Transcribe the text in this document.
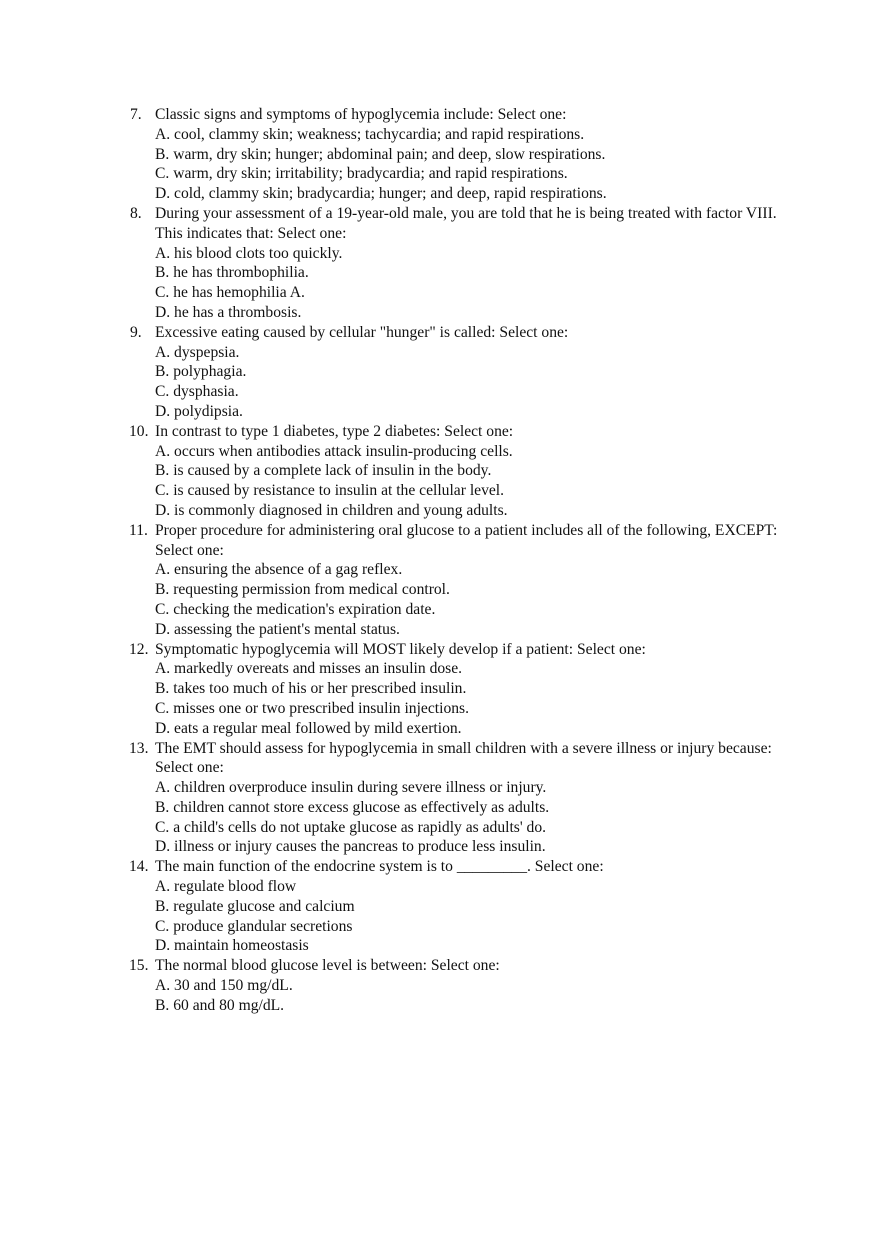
7. Classic signs and symptoms of hypoglycemia include: Select one:
A. cool, clammy skin; weakness; tachycardia; and rapid respirations.
B. warm, dry skin; hunger; abdominal pain; and deep, slow respirations.
C. warm, dry skin; irritability; bradycardia; and rapid respirations.
D. cold, clammy skin; bradycardia; hunger; and deep, rapid respirations.
8. During your assessment of a 19-year-old male, you are told that he is being treated with factor VIII. This indicates that: Select one:
A. his blood clots too quickly.
B. he has thrombophilia.
C. he has hemophilia A.
D. he has a thrombosis.
9. Excessive eating caused by cellular "hunger" is called: Select one:
A. dyspepsia.
B. polyphagia.
C. dysphasia.
D. polydipsia.
10. In contrast to type 1 diabetes, type 2 diabetes: Select one:
A. occurs when antibodies attack insulin-producing cells.
B. is caused by a complete lack of insulin in the body.
C. is caused by resistance to insulin at the cellular level.
D. is commonly diagnosed in children and young adults.
11. Proper procedure for administering oral glucose to a patient includes all of the following, EXCEPT: Select one:
A. ensuring the absence of a gag reflex.
B. requesting permission from medical control.
C. checking the medication's expiration date.
D. assessing the patient's mental status.
12. Symptomatic hypoglycemia will MOST likely develop if a patient: Select one:
A. markedly overeats and misses an insulin dose.
B. takes too much of his or her prescribed insulin.
C. misses one or two prescribed insulin injections.
D. eats a regular meal followed by mild exertion.
13. The EMT should assess for hypoglycemia in small children with a severe illness or injury because: Select one:
A. children overproduce insulin during severe illness or injury.
B. children cannot store excess glucose as effectively as adults.
C. a child's cells do not uptake glucose as rapidly as adults' do.
D. illness or injury causes the pancreas to produce less insulin.
14. The main function of the endocrine system is to _________. Select one:
A. regulate blood flow
B. regulate glucose and calcium
C. produce glandular secretions
D. maintain homeostasis
15. The normal blood glucose level is between: Select one:
A. 30 and 150 mg/dL.
B. 60 and 80 mg/dL.
